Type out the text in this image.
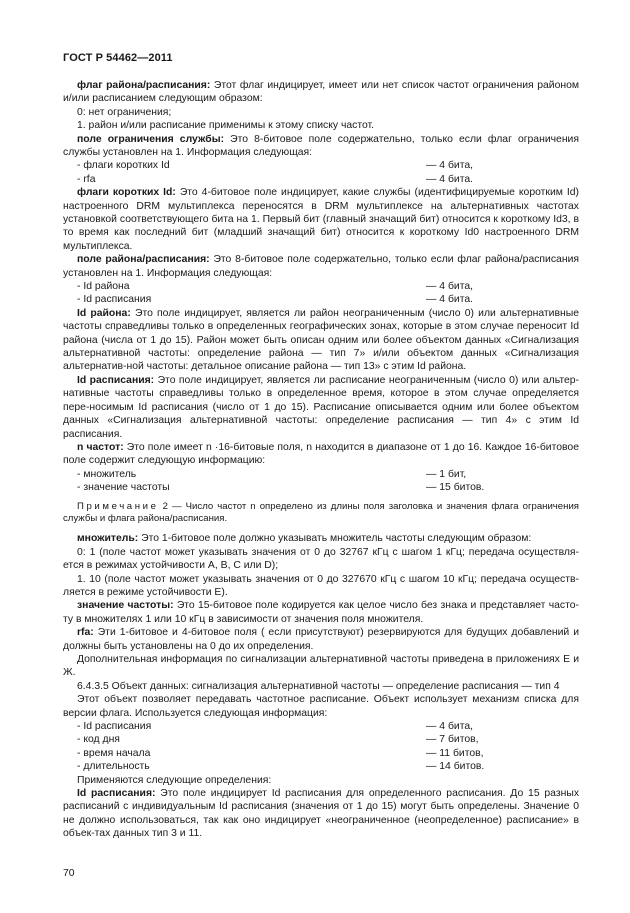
ГОСТ Р 54462—2011

флаг района/расписания: Этот флаг индицирует, имеет или нет список частот ограничения районом и/или расписанием следующим образом:

0: нет ограничения;

1. район и/или расписание применимы к этому списку частот.

поле ограничения службы: Это 8-битовое поле содержательно, только если флаг ограничения службы установлен на 1. Информация следующая:

- флаги коротких Id	— 4 бита,
- rfa	— 4 бита.

флаги коротких Id: Это 4-битовое поле индицирует, какие службы (идентифицируемые коротким Id) настроенного DRM мультиплекса переносятся в DRM мультиплексе на альтернативных частотах установкой соответствующего бита на 1. Первый бит (главный значащий бит) относится к короткому Id3, в то время как последний бит (младший значащий бит) относится к короткому Id0 настроенного DRM мультиплекса.

поле района/расписания: Это 8-битовое поле содержательно, только если флаг района/расписания установлен на 1. Информация следующая:

- Id района	— 4 бита,
- Id расписания	— 4 бита.

Id района: Это поле индицирует, является ли район неограниченным (число 0) или альтернативные частоты справедливы только в определенных географических зонах, которые в этом случае переносит Id района (числа от 1 до 15). Район может быть описан одним или более объектом данных «Сигнализация альтернативной частоты: определение района — тип 7» и/или объектом данных «Сигнализация альтернатив-ной частоты: детальное описание района — тип 13» с этим Id района.

Id расписания: Это поле индицирует, является ли расписание неограниченным (число 0) или альтер-нативные частоты справедливы только в определенное время, которое в этом случае определяется пере-носимым Id расписания (число от 1 до 15). Расписание описывается одним или более объектом данных «Сигнализация альтернативной частоты: определение расписания — тип 4» с этим Id расписания.

n частот: Это поле имеет n ·16-битовые поля, n находится в диапазоне от 1 до 16. Каждое 16-битовое поле содержит следующую информацию:

- множитель	— 1 бит,
- значение частоты	— 15 битов.

Примечание 2 — Число частот n определено из длины поля заголовка и значения флага ограничения службы и флага района/расписания.

множитель: Это 1-битовое поле должно указывать множитель частоты следующим образом:

0: 1 (поле частот может указывать значения от 0 до 32767 кГц с шагом 1 кГц; передача осуществля-ется в режимах устойчивости А, В, С или D);

1. 10 (поле частот может указывать значения от 0 до 327670 кГц с шагом 10 кГц; передача осуществ-ляется в режиме устойчивости Е).

значение частоты: Это 15-битовое поле кодируется как целое число без знака и представляет часто-ту в множителях 1 или 10 кГц в зависимости от значения поля множителя.

rfa: Эти 1-битовое и 4-битовое поля ( если присутствуют) резервируются для будущих добавлений и должны быть установлены на 0 до их определения.

Дополнительная информация по сигнализации альтернативной частоты приведена в приложениях Е и Ж.

6.4.3.5 Объект данных: сигнализация альтернативной частоты — определение расписания — тип 4

Этот объект позволяет передавать частотное расписание. Объект использует механизм списка для версии флага. Используется следующая информация:

- Id расписания	— 4 бита,
- код дня	— 7 битов,
- время начала	— 11 битов,
- длительность	— 14 битов.

Применяются следующие определения:

Id расписания: Это поле индицирует Id расписания для определенного расписания. До 15 разных расписаний с индивидуальным Id расписания (значения от 1 до 15) могут быть определены. Значение 0 не должно использоваться, так как оно индицирует «неограниченное (неопределенное) расписание» в объек-тах данных тип 3 и 11.

70
